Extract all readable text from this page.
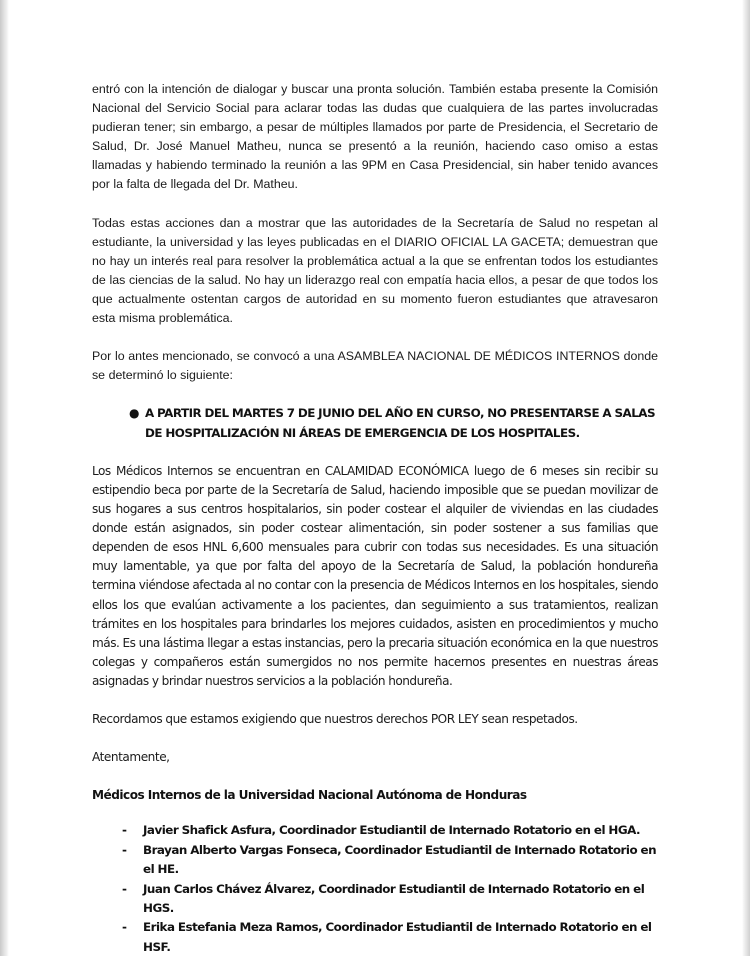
entró con la intención de dialogar y buscar una pronta solución. También estaba presente la Comisión Nacional del Servicio Social para aclarar todas las dudas que cualquiera de las partes involucradas pudieran tener; sin embargo, a pesar de múltiples llamados por parte de Presidencia, el Secretario de Salud, Dr. José Manuel Matheu, nunca se presentó a la reunión, haciendo caso omiso a estas llamadas y habiendo terminado la reunión a las 9PM en Casa Presidencial, sin haber tenido avances por la falta de llegada del Dr. Matheu.

Todas estas acciones dan a mostrar que las autoridades de la Secretaría de Salud no respetan al estudiante, la universidad y las leyes publicadas en el DIARIO OFICIAL LA GACETA; demuestran que no hay un interés real para resolver la problemática actual a la que se enfrentan todos los estudiantes de las ciencias de la salud. No hay un liderazgo real con empatía hacia ellos, a pesar de que todos los que actualmente ostentan cargos de autoridad en su momento fueron estudiantes que atravesaron esta misma problemática.

Por lo antes mencionado, se convocó a una ASAMBLEA NACIONAL DE MÉDICOS INTERNOS donde se determinó lo siguiente:

● A PARTIR DEL MARTES 7 DE JUNIO DEL AÑO EN CURSO, NO PRESENTARSE A SALAS DE HOSPITALIZACIÓN NI ÁREAS DE EMERGENCIA DE LOS HOSPITALES.

Los Médicos Internos se encuentran en CALAMIDAD ECONÓMICA luego de 6 meses sin recibir su estipendio beca por parte de la Secretaría de Salud, haciendo imposible que se puedan movilizar de sus hogares a sus centros hospitalarios, sin poder costear el alquiler de viviendas en las ciudades donde están asignados, sin poder costear alimentación, sin poder sostener a sus familias que dependen de esos HNL 6,600 mensuales para cubrir con todas sus necesidades. Es una situación muy lamentable, ya que por falta del apoyo de la Secretaría de Salud, la población hondureña termina viéndose afectada al no contar con la presencia de Médicos Internos en los hospitales, siendo ellos los que evalúan activamente a los pacientes, dan seguimiento a sus tratamientos, realizan trámites en los hospitales para brindarles los mejores cuidados, asisten en procedimientos y mucho más. Es una lástima llegar a estas instancias, pero la precaria situación económica en la que nuestros colegas y compañeros están sumergidos no nos permite hacernos presentes en nuestras áreas asignadas y brindar nuestros servicios a la población hondureña.

Recordamos que estamos exigiendo que nuestros derechos POR LEY sean respetados.

Atentamente,

Médicos Internos de la Universidad Nacional Autónoma de Honduras
- Javier Shafick Asfura, Coordinador Estudiantil de Internado Rotatorio en el HGA.
- Brayan Alberto Vargas Fonseca, Coordinador Estudiantil de Internado Rotatorio en el HE.
- Juan Carlos Chávez Álvarez, Coordinador Estudiantil de Internado Rotatorio en el HGS.
- Erika Estefania Meza Ramos, Coordinador Estudiantil de Internado Rotatorio en el HSF.
